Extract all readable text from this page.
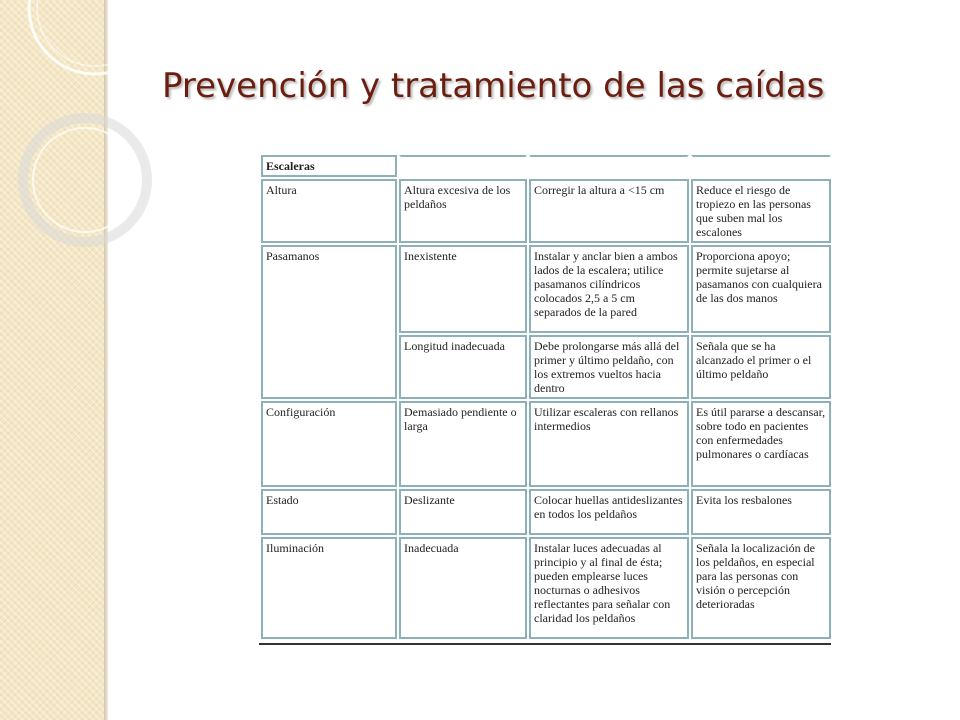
Prevención y tratamiento de las caídas
Escaleras			
Altura	Altura excesiva de los peldaños	Corregir la altura a <15 cm	Reduce el riesgo de tropiezo en las personas que suben mal los escalones
Pasamanos	Inexistente	Instalar y anclar bien a ambos lados de la escalera; utilice pasamanos cilíndricos colocados 2,5 a 5 cm separados de la pared	Proporciona apoyo; permite sujetarse al pasamanos con cualquiera de las dos manos
	Longitud inadecuada	Debe prolongarse más allá del primer y último peldaño, con los extremos vueltos hacia dentro	Señala que se ha alcanzado el primer o el último peldaño
Configuración	Demasiado pendiente o larga	Utilizar escaleras con rellanos intermedios	Es útil pararse a descansar, sobre todo en pacientes con enfermedades pulmonares o cardíacas
Estado	Deslizante	Colocar huellas antideslizantes en todos los peldaños	Evita los resbalones
Iluminación	Inadecuada	Instalar luces adecuadas al principio y al final de ésta; pueden emplearse luces nocturnas o adhesivos reflectantes para señalar con claridad los peldaños	Señala la localización de los peldaños, en especial para las personas con visión o percepción deterioradas
